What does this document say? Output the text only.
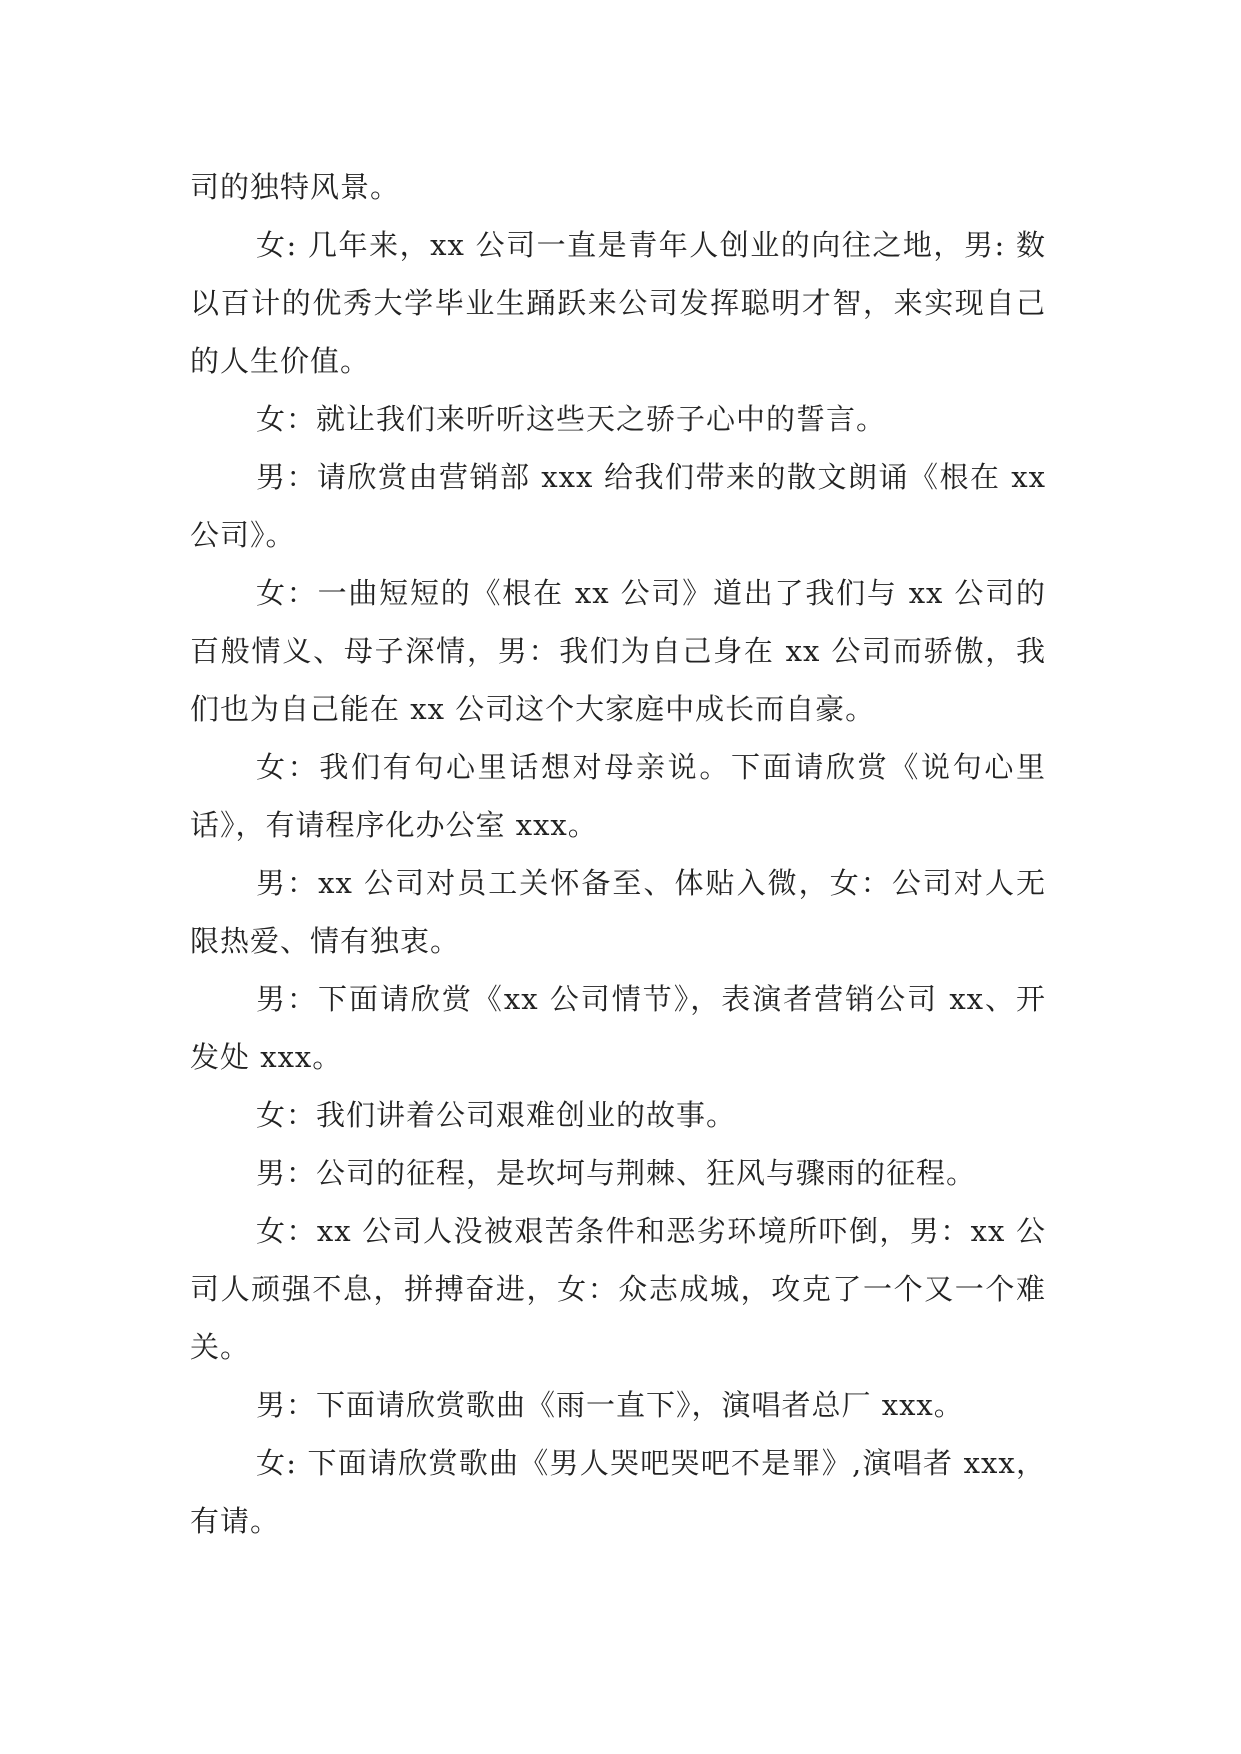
司的独特风景。

女: 几年来，xx 公司一直是青年人创业的向往之地，男: 数以百计的优秀大学毕业生踊跃来公司发挥聪明才智，来实现自己的人生价值。

女：就让我们来听听这些天之骄子心中的誓言。

男：请欣赏由营销部 xxx 给我们带来的散文朗诵《根在 xx 公司》。

女：一曲短短的《根在 xx 公司》道出了我们与 xx 公司的百般情义、母子深情，男：我们为自己身在 xx 公司而骄傲，我们也为自己能在 xx 公司这个大家庭中成长而自豪。

女：我们有句心里话想对母亲说。下面请欣赏《说句心里话》，有请程序化办公室 xxx。

男：xx 公司对员工关怀备至、体贴入微，女：公司对人无限热爱、情有独衷。

男：下面请欣赏《xx 公司情节》，表演者营销公司 xx、开发处 xxx。

女：我们讲着公司艰难创业的故事。

男：公司的征程，是坎坷与荆棘、狂风与骤雨的征程。

女：xx 公司人没被艰苦条件和恶劣环境所吓倒，男：xx 公司人顽强不息，拼搏奋进，女：众志成城，攻克了一个又一个难关。

男：下面请欣赏歌曲《雨一直下》，演唱者总厂 xxx。

女: 下面请欣赏歌曲《男人哭吧哭吧不是罪》,演唱者 xxx，有请。
